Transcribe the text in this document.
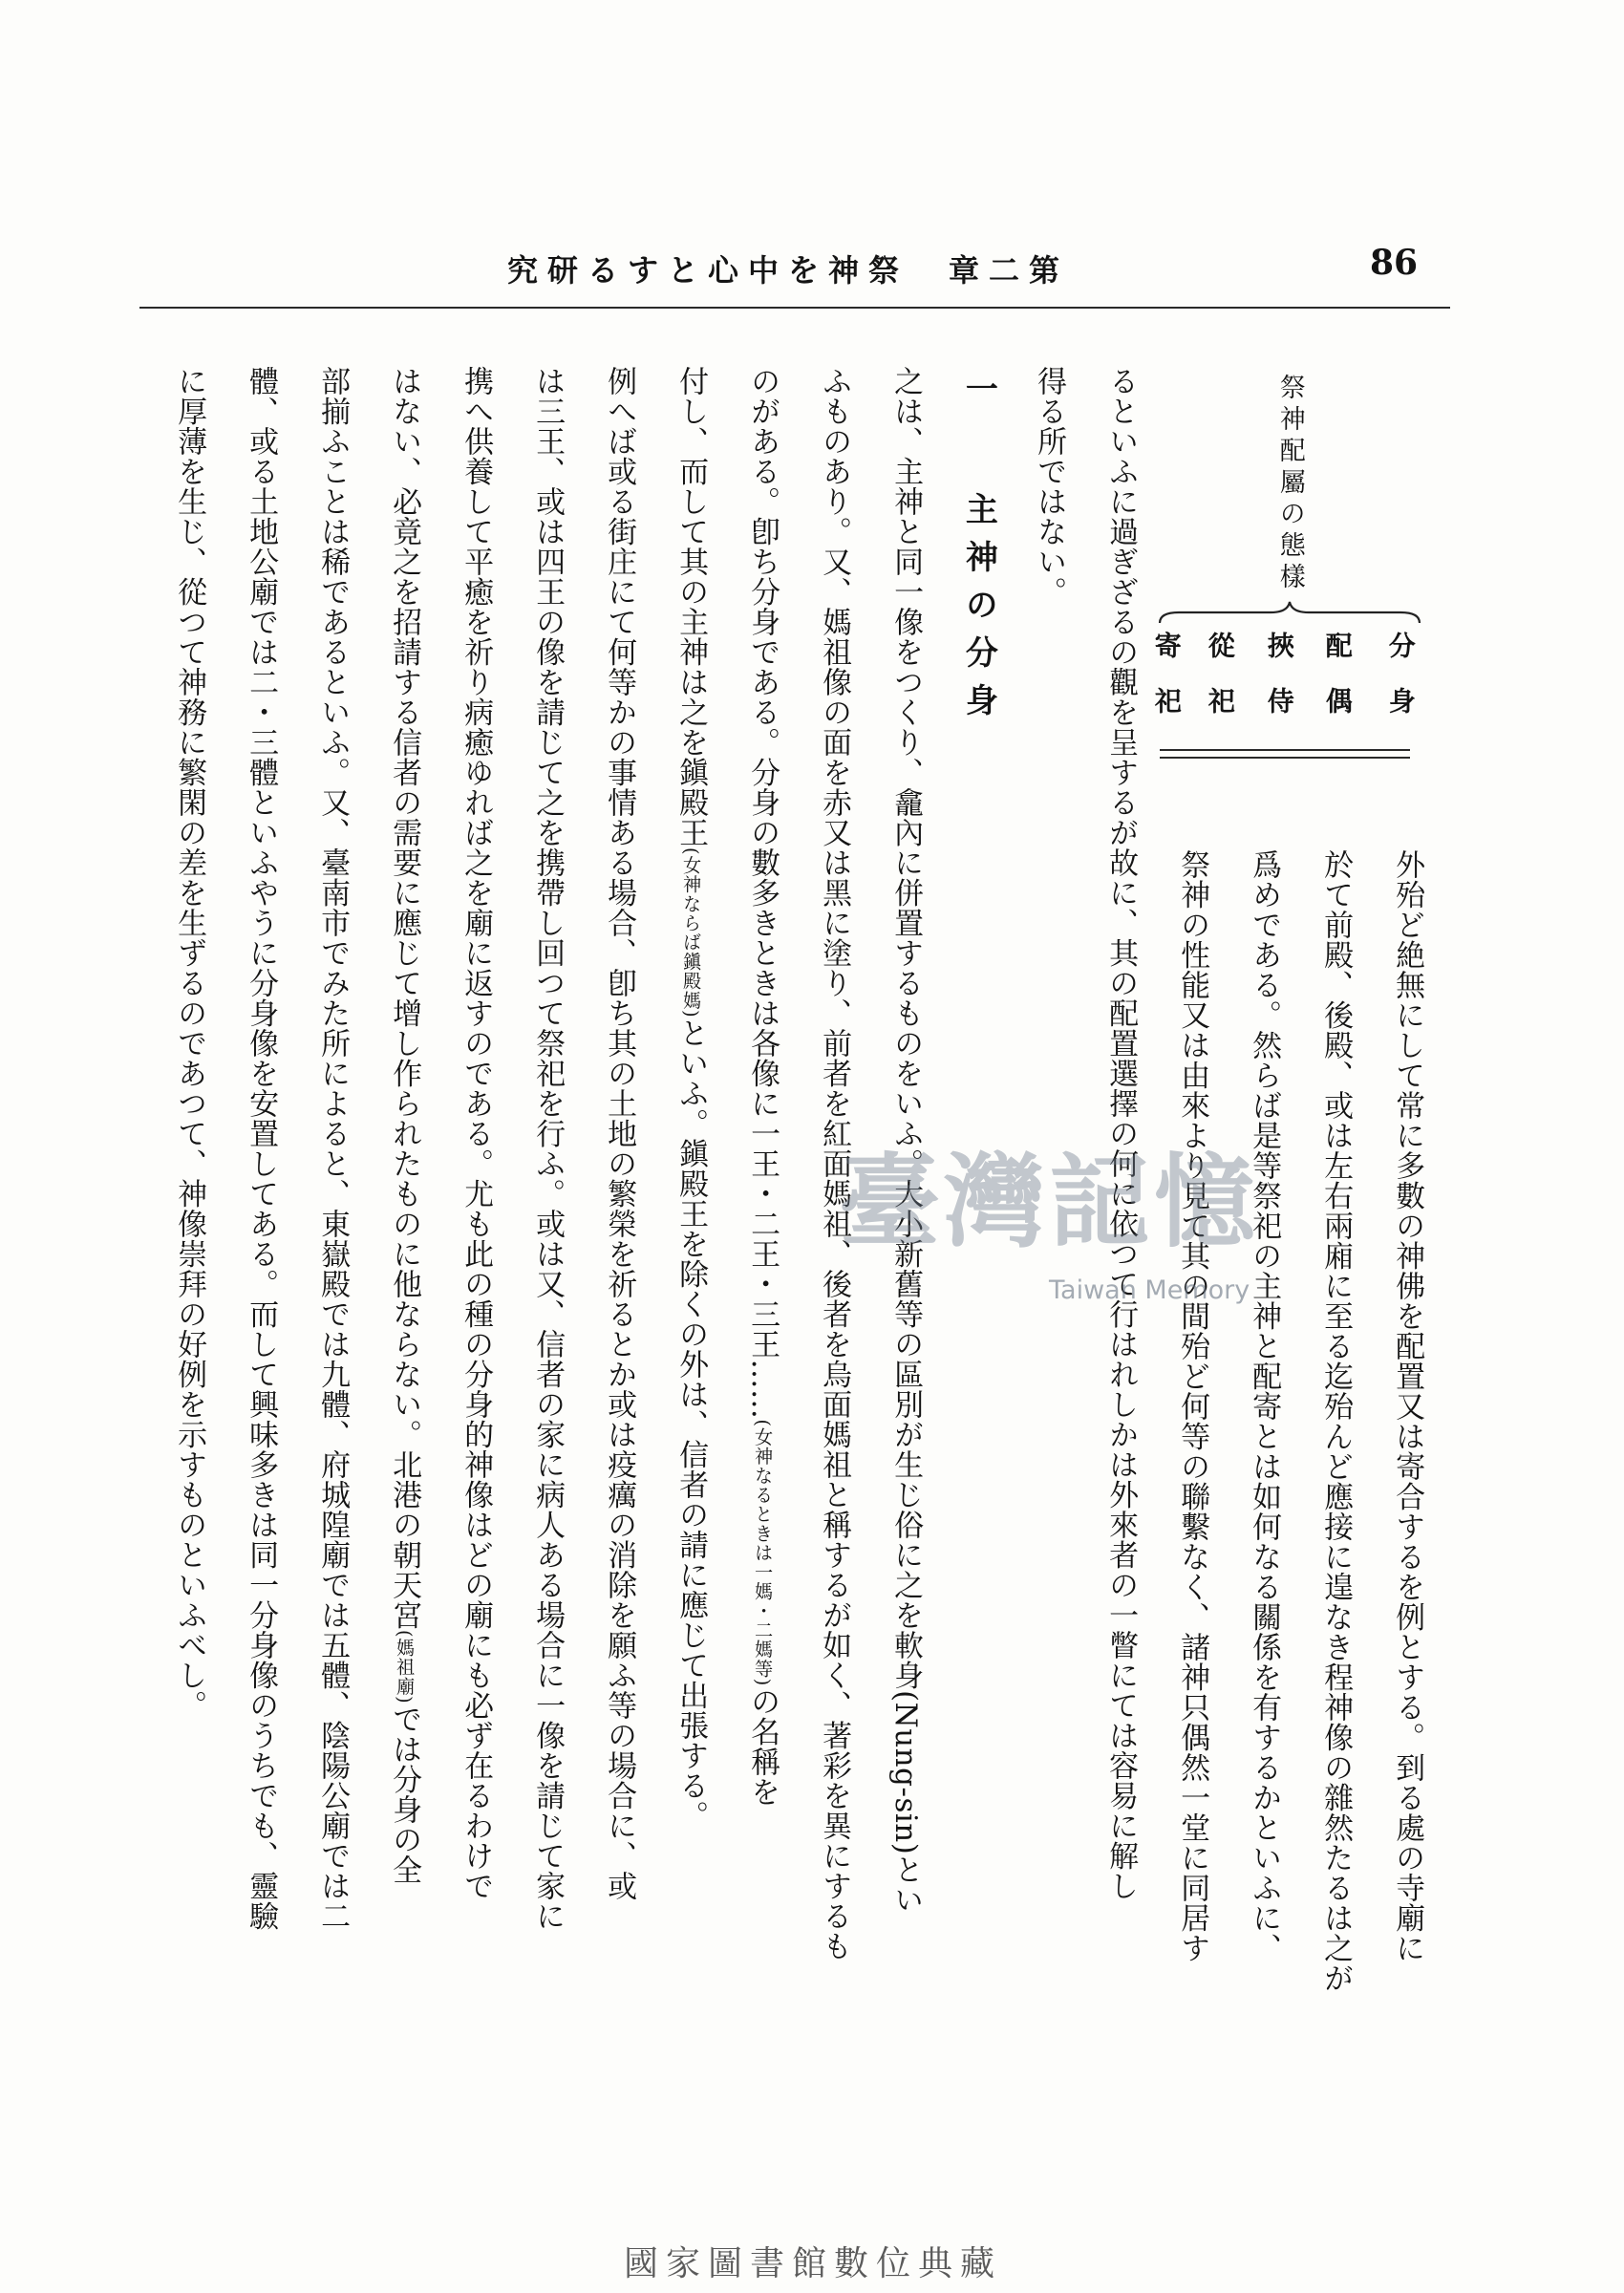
86
第二章　祭神を中心とする研究
祭神配屬の態樣
分身
配偶
挾侍
從祀
寄祀
外殆ど絶無にして常に多數の神佛を配置又は寄合するを例とする。到る處の寺廟に
於て前殿、後殿、或は左右兩廂に至る迄殆んど應接に遑なき程神像の雜然たるは之が
爲めである。然らば是等祭祀の主神と配寄とは如何なる關係を有するかといふに、
祭神の性能又は由來より見て其の間殆ど何等の聯繫なく、諸神只偶然一堂に同居す
るといふに過ぎざるの觀を呈するが故に、其の配置選擇の何に依つて行はれしかは外來者の一瞥にては容易に解し
得る所ではない。
一
主神の分身
之は、主神と同一像をつくり、龕內に併置するものをいふ。大小新舊等の區別が生じ俗に之を軟身(Nung-sin)とい
ふものあり。又、媽祖像の面を赤又は黑に塗り、前者を紅面媽祖、後者を烏面媽祖と稱するが如く、著彩を異にするも
のがある。卽ち分身である。分身の數多きときは各像に一王・二王・三王……(女神なるときは一媽・二媽等)の名稱を
付し、而して其の主神は之を鎭殿王(女神ならば鎭殿媽)といふ。鎭殿王を除くの外は、信者の請に應じて出張する。
例へば或る街庄にて何等かの事情ある場合、卽ち其の土地の繁榮を祈るとか或は疫癘の消除を願ふ等の場合に、或
は三王、或は四王の像を請じて之を携帶し回つて祭祀を行ふ。或は又、信者の家に病人ある場合に一像を請じて家に
携へ供養して平癒を祈り病癒ゆれば之を廟に返すのである。尤も此の種の分身的神像はどの廟にも必ず在るわけで
はない、必竟之を招請する信者の需要に應じて增し作られたものに他ならない。北港の朝天宮(媽祖廟)では分身の全
部揃ふことは稀であるといふ。又、臺南市でみた所によると、東嶽殿では九體、府城隍廟では五體、陰陽公廟では二
體、或る土地公廟では二・三體といふやうに分身像を安置してある。而して興味多きは同一分身像のうちでも、靈驗
に厚薄を生じ、從つて神務に繁閑の差を生ずるのであつて、神像崇拜の好例を示すものといふべし。	臺灣記憶
Taiwan Memory
國家圖書館數位典藏
